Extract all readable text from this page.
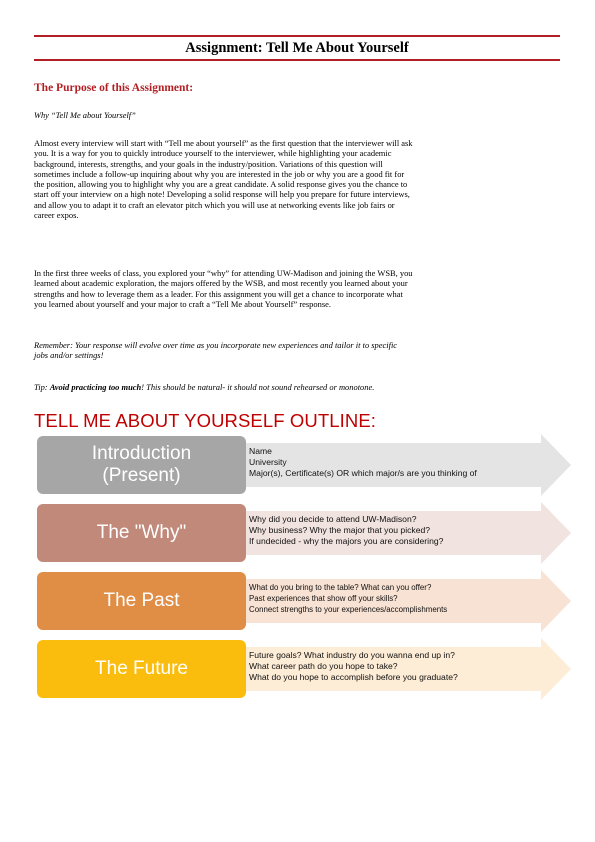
Assignment: Tell Me About Yourself
The Purpose of this Assignment:
Why “Tell Me about Yourself”
Almost every interview will start with “Tell me about yourself” as the first question that the interviewer will ask
you. It is a way for you to quickly introduce yourself to the interviewer, while highlighting your academic
background, interests, strengths, and your goals in the industry/position. Variations of this question will
sometimes include a follow-up inquiring about why you are interested in the job or why you are a good fit for
the position, allowing you to highlight why you are a great candidate. A solid response gives you the chance to
start off your interview on a high note! Developing a solid response will help you prepare for future interviews,
and allow you to adapt it to craft an elevator pitch which you will use at networking events like job fairs or
career expos.
In the first three weeks of class, you explored your “why” for attending UW-Madison and joining the WSB, you
learned about academic exploration, the majors offered by the WSB, and most recently you learned about your
strengths and how to leverage them as a leader. For this assignment you will get a chance to incorporate what
you learned about yourself and your major to craft a “Tell Me about Yourself” response.
Remember: Your response will evolve over time as you incorporate new experiences and tailor it to specific
jobs and/or settings!
Tip: Avoid practicing too much! This should be natural- it should not sound rehearsed or monotone.
TELL ME ABOUT YOURSELF OUTLINE:
Introduction
(Present)
Name
University
Major(s), Certificate(s) OR which major/s are you thinking of
The "Why"
Why did you decide to attend UW-Madison?
Why business? Why the major that you picked?
If undecided - why the majors you are considering?
The Past
What do you bring to the table? What can you offer?
Past experiences that show off your skills?
Connect strengths to your experiences/accomplishments
The Future
Future goals? What industry do you wanna end up in?
What career path do you hope to take?
What do you hope to accomplish before you graduate?
